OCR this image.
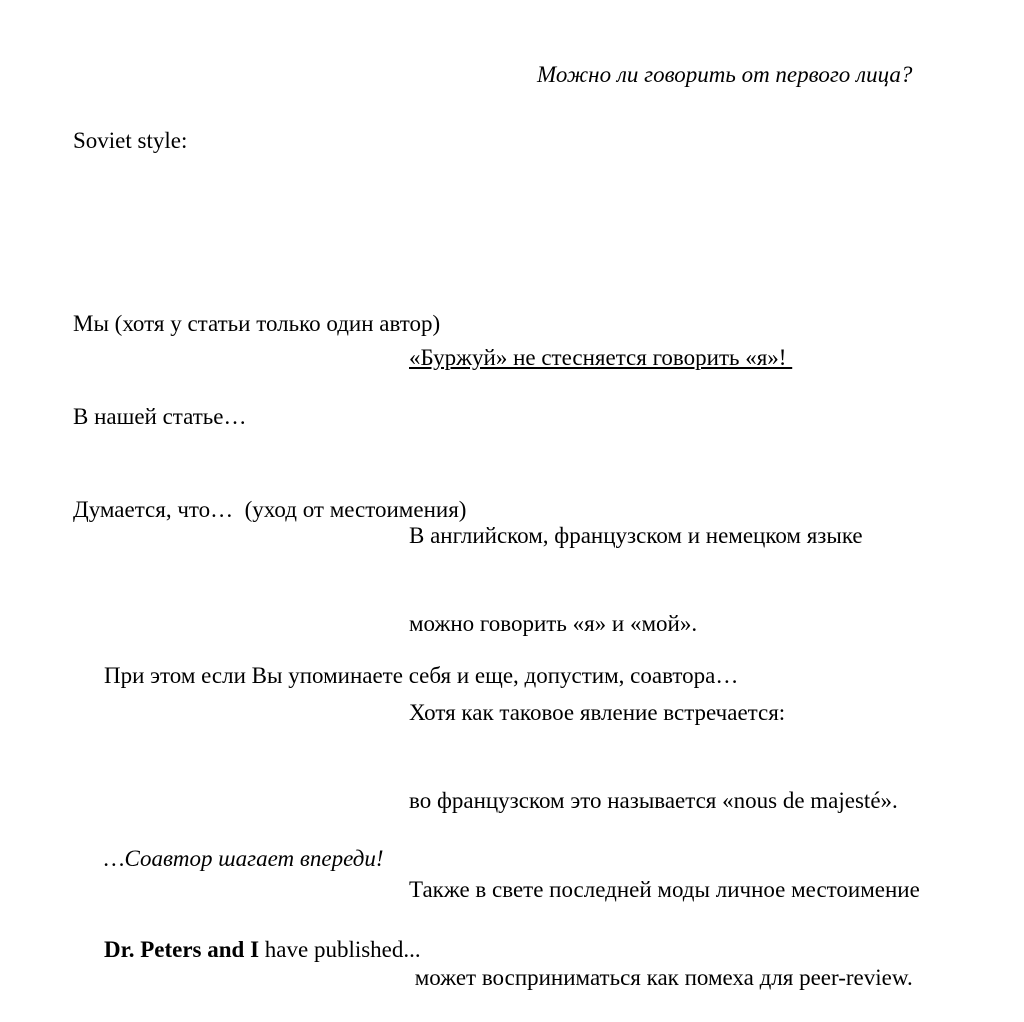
Soviet style:

Мы (хотя у статьи только один автор)

В нашей статье…

Думается, что…  (уход от местоимения)

Можно ли говорить от первого лица?

«Буржуй» не стесняется говорить «я»!

В английском, французском и немецком языке

можно говорить «я» и «мой».

Хотя как таковое явление встречается:

во французском это называется «nous de majesté».

Также в свете последней моды личное местоимение

может восприниматься как помеха для peer-review.

При этом если Вы упоминаете себя и еще, допустим, соавтора…

…Соавтор шагает впереди!

Dr. Peters and I have published...
